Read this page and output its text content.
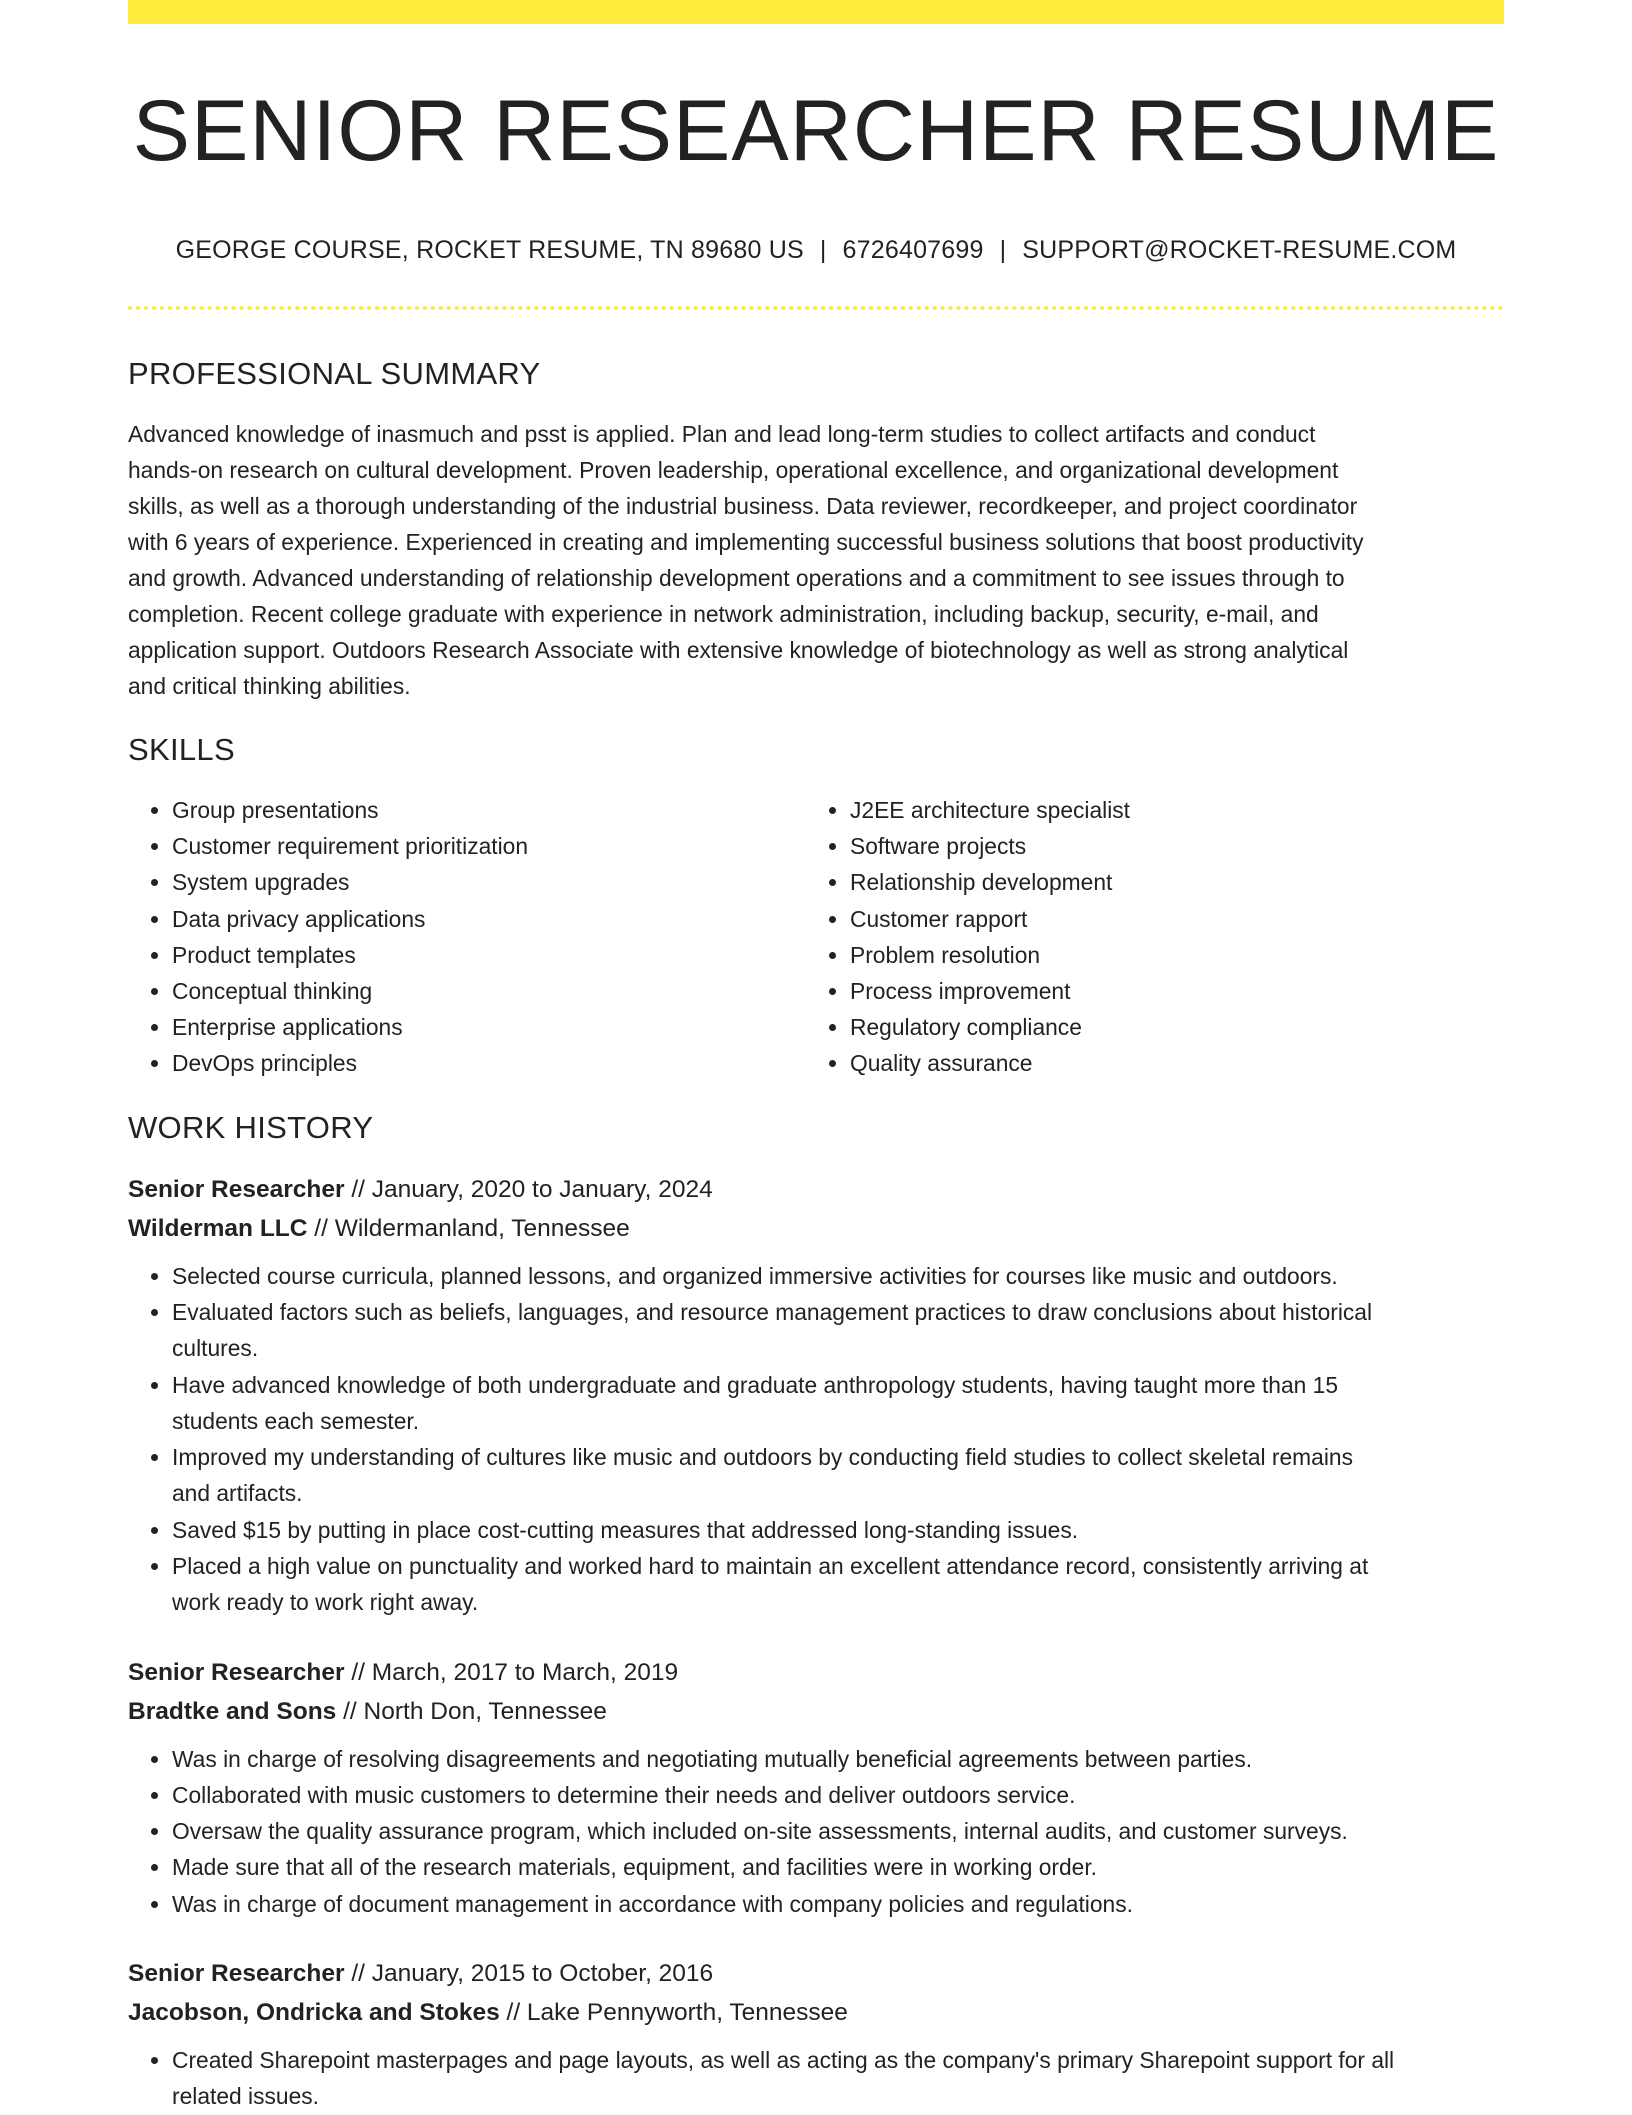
SENIOR RESEARCHER RESUME
GEORGE COURSE, ROCKET RESUME, TN 89680 US | 6726407699 | SUPPORT@ROCKET-RESUME.COM
PROFESSIONAL SUMMARY
Advanced knowledge of inasmuch and psst is applied. Plan and lead long-term studies to collect artifacts and conduct
hands-on research on cultural development. Proven leadership, operational excellence, and organizational development
skills, as well as a thorough understanding of the industrial business. Data reviewer, recordkeeper, and project coordinator
with 6 years of experience. Experienced in creating and implementing successful business solutions that boost productivity
and growth. Advanced understanding of relationship development operations and a commitment to see issues through to
completion. Recent college graduate with experience in network administration, including backup, security, e-mail, and
application support. Outdoors Research Associate with extensive knowledge of biotechnology as well as strong analytical
and critical thinking abilities.
SKILLS
• Group presentations
• Customer requirement prioritization
• System upgrades
• Data privacy applications
• Product templates
• Conceptual thinking
• Enterprise applications
• DevOps principles
• J2EE architecture specialist
• Software projects
• Relationship development
• Customer rapport
• Problem resolution
• Process improvement
• Regulatory compliance
• Quality assurance
WORK HISTORY
Senior Researcher // January, 2020 to January, 2024
Wilderman LLC // Wildermanland, Tennessee
• Selected course curricula, planned lessons, and organized immersive activities for courses like music and outdoors.
• Evaluated factors such as beliefs, languages, and resource management practices to draw conclusions about historical
cultures.
• Have advanced knowledge of both undergraduate and graduate anthropology students, having taught more than 15
students each semester.
• Improved my understanding of cultures like music and outdoors by conducting field studies to collect skeletal remains
and artifacts.
• Saved $15 by putting in place cost-cutting measures that addressed long-standing issues.
• Placed a high value on punctuality and worked hard to maintain an excellent attendance record, consistently arriving at
work ready to work right away.
Senior Researcher // March, 2017 to March, 2019
Bradtke and Sons // North Don, Tennessee
• Was in charge of resolving disagreements and negotiating mutually beneficial agreements between parties.
• Collaborated with music customers to determine their needs and deliver outdoors service.
• Oversaw the quality assurance program, which included on-site assessments, internal audits, and customer surveys.
• Made sure that all of the research materials, equipment, and facilities were in working order.
• Was in charge of document management in accordance with company policies and regulations.
Senior Researcher // January, 2015 to October, 2016
Jacobson, Ondricka and Stokes // Lake Pennyworth, Tennessee
• Created Sharepoint masterpages and page layouts, as well as acting as the company's primary Sharepoint support for all
related issues.
